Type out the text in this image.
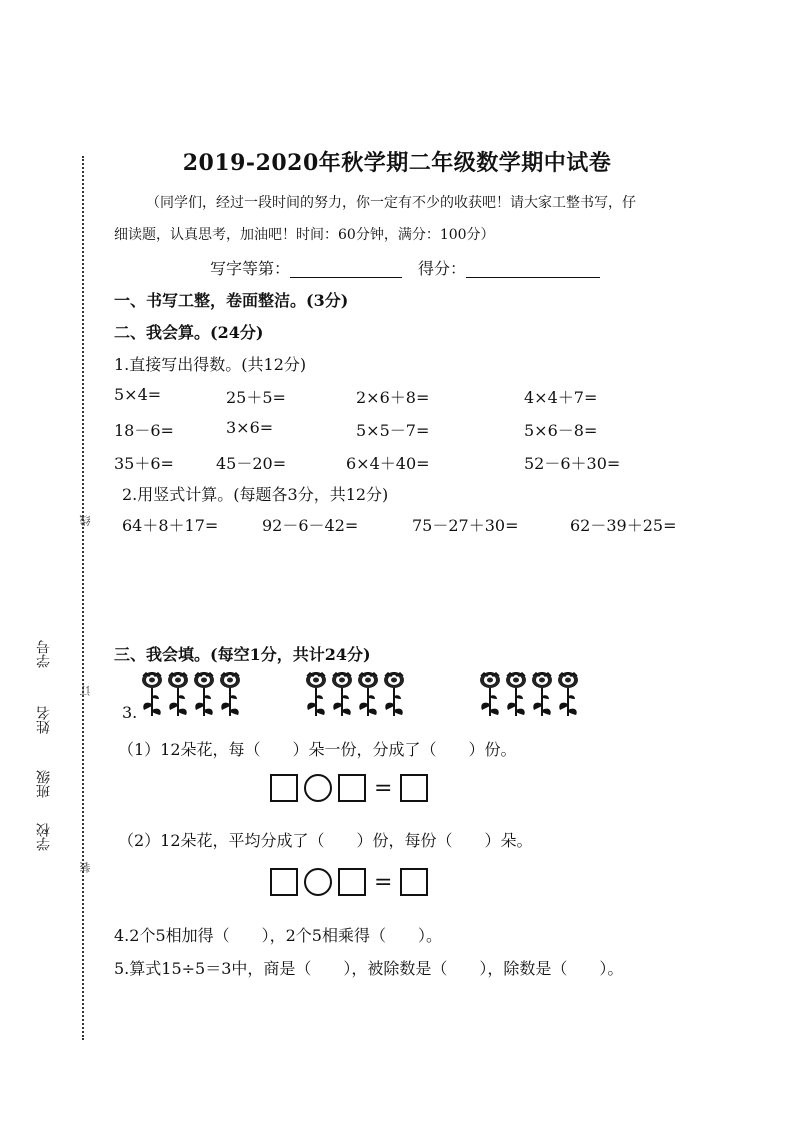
线
订
装
学号
姓名
班级
学校
2019-2020年秋学期二年级数学期中试卷
（同学们，经过一段时间的努力，你一定有不少的收获吧！请大家工整书写，仔
细读题，认真思考，加油吧！时间：60分钟，满分：100分）
写字等第：	得分：
一、书写工整，卷面整洁。(3分)
二、我会算。(24分)
1.直接写出得数。(共12分)
5×4=	25＋5=	2×6＋8=	4×4＋7=
18－6=	3×6=	5×5－7=	5×6－8=
35＋6=	45－20=	6×4＋40=	52－6＋30=
2.用竖式计算。(每题各3分，共12分)
64＋8＋17=	92－6－42=	75－27＋30=	62－39＋25=
三、我会填。(每空1分，共计24分)
3.
（1）12朵花，每（　　）朵一份，分成了（　　）份。
=
（2）12朵花，平均分成了（　　）份，每份（　　）朵。
=
4.2个5相加得（　　），2个5相乘得（　　）。
5.算式15÷5＝3中，商是（　　），被除数是（　　），除数是（　　）。
